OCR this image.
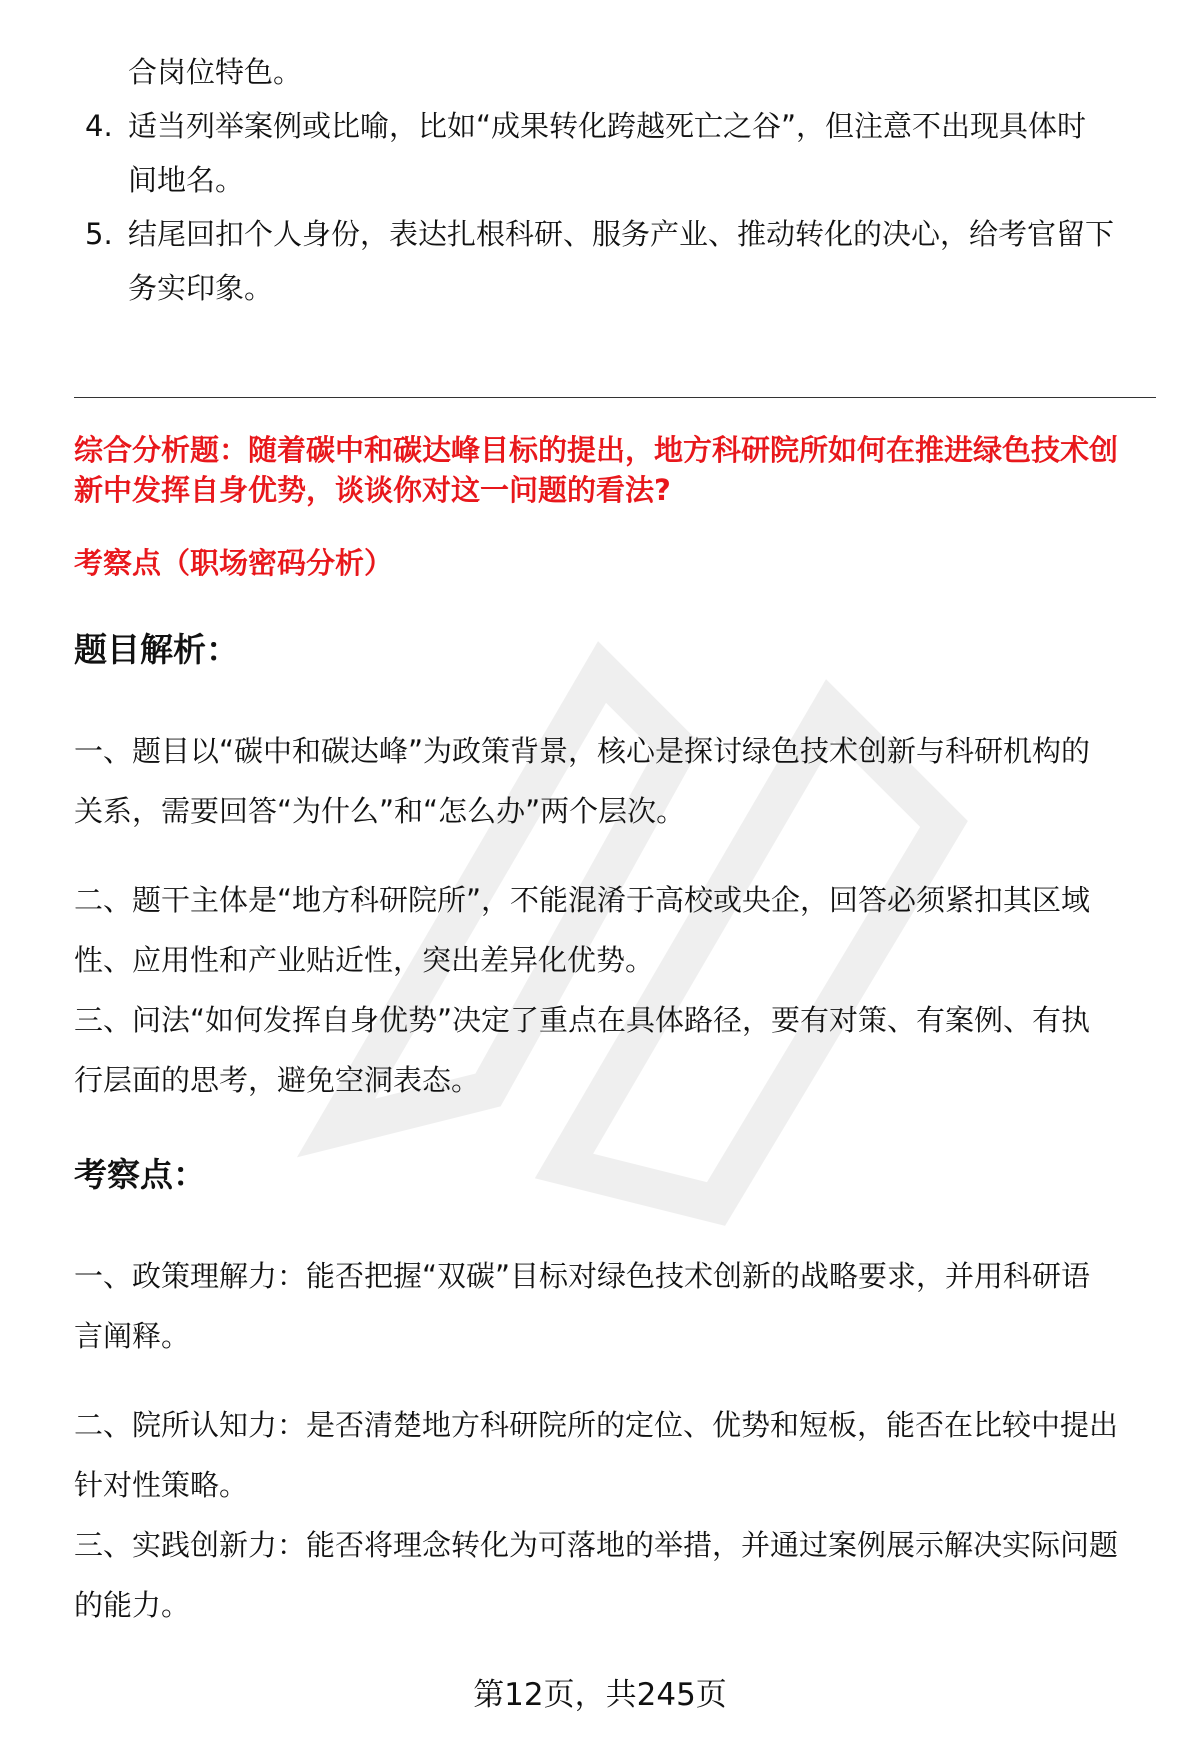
合岗位特色。
4. 适当列举案例或比喻，比如“成果转化跨越死亡之谷”，但注意不出现具体时
间地名。
5. 结尾回扣个人身份，表达扎根科研、服务产业、推动转化的决心，给考官留下
务实印象。
综合分析题：随着碳中和碳达峰目标的提出，地方科研院所如何在推进绿色技术创
新中发挥自身优势，谈谈你对这一问题的看法?
考察点（职场密码分析）
题目解析：
一、题目以“碳中和碳达峰”为政策背景，核心是探讨绿色技术创新与科研机构的
关系，需要回答“为什么”和“怎么办”两个层次。
二、题干主体是“地方科研院所”，不能混淆于高校或央企，回答必须紧扣其区域
性、应用性和产业贴近性，突出差异化优势。
三、问法“如何发挥自身优势”决定了重点在具体路径，要有对策、有案例、有执
行层面的思考，避免空洞表态。
考察点：
一、政策理解力：能否把握“双碳”目标对绿色技术创新的战略要求，并用科研语
言阐释。
二、院所认知力：是否清楚地方科研院所的定位、优势和短板，能否在比较中提出
针对性策略。
三、实践创新力：能否将理念转化为可落地的举措，并通过案例展示解决实际问题
的能力。
第12页，共245页
